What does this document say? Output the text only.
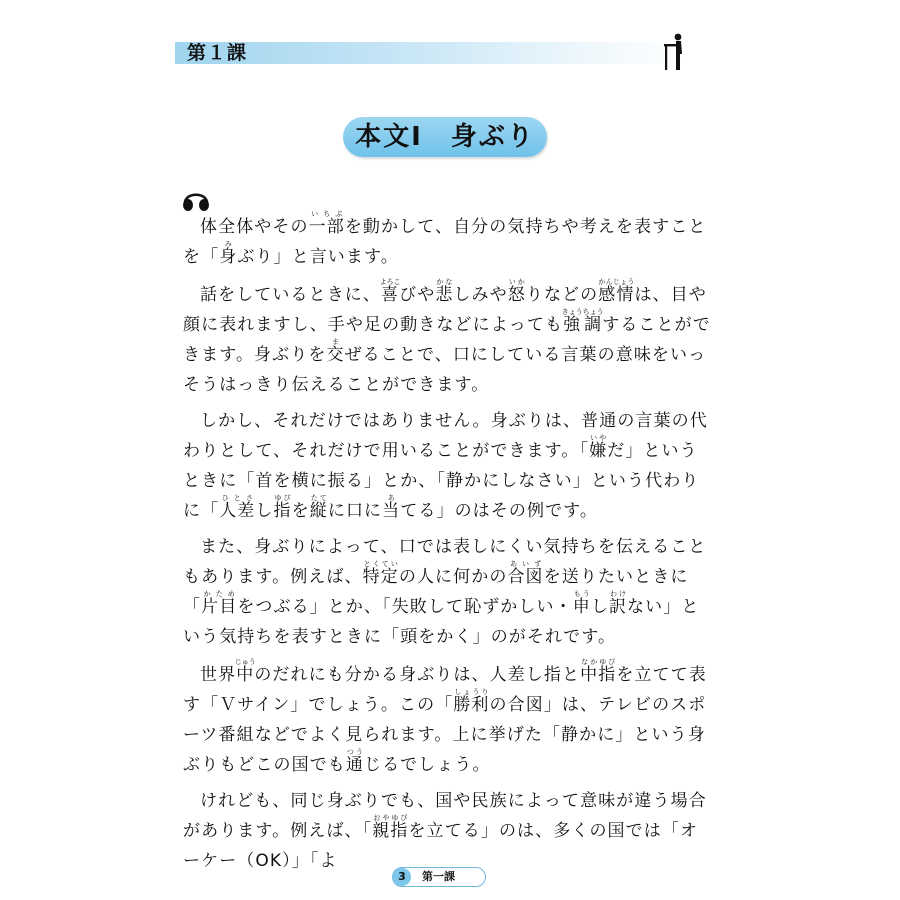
第１課
本文Ⅰ　身ぶり

体全体やその一部いちぶを動かして、自分の気持ちや考えを表すことを「身みぶり」と言います。

話をしているときに、喜よろこびや悲かなしみや怒いかりなどの感情かんじょうは、目や顔に表れますし、手や足の動きなどによっても強調きょうちょうすることができます。身ぶりを交まぜることで、口にしている言葉の意味をいっそうはっきり伝えることができます。

しかし、それだけではありません。身ぶりは、普通の言葉の代わりとして、それだけで用いることができます。「嫌いやだ」というときに「首を横に振る」とか、「静かにしなさい」という代わりに「人差ひとさし指ゆびを縦たてに口に当あてる」のはその例です。

また、身ぶりによって、口では表しにくい気持ちを伝えることもあります。例えば、特定とくていの人に何かの合図あいずを送りたいときに「片目かためをつぶる」とか、「失敗して恥ずかしい・申もうし訳わけない」という気持ちを表すときに「頭をかく」のがそれです。

世界中じゅうのだれにも分かる身ぶりは、人差し指と中指なかゆびを立てて表す「Ｖサイン」でしょう。この「勝利しょうりの合図」は、テレビのスポーツ番組などでよく見られます。上に挙げた「静かに」という身ぶりもどこの国でも通つうじるでしょう。

けれども、同じ身ぶりでも、国や民族によって意味が違う場合があります。例えば、「親指おやゆびを立てる」のは、多くの国では「オーケー（OK）」「よ

3	第一課
